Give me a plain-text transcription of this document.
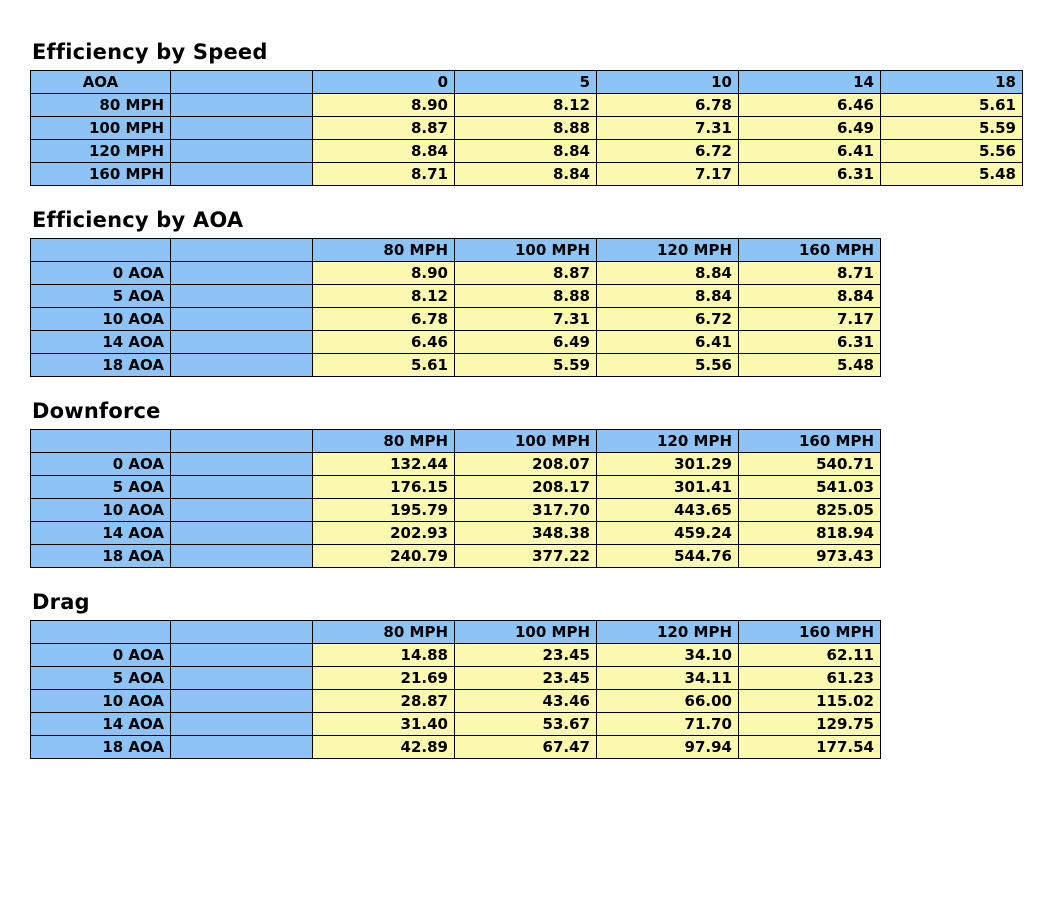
Efficiency by Speed
AOA		0	5	10	14	18
80 MPH		8.90	8.12	6.78	6.46	5.61
100 MPH		8.87	8.88	7.31	6.49	5.59
120 MPH		8.84	8.84	6.72	6.41	5.56
160 MPH		8.71	8.84	7.17	6.31	5.48
Efficiency by AOA
		80 MPH	100 MPH	120 MPH	160 MPH
0 AOA		8.90	8.87	8.84	8.71
5 AOA		8.12	8.88	8.84	8.84
10 AOA		6.78	7.31	6.72	7.17
14 AOA		6.46	6.49	6.41	6.31
18 AOA		5.61	5.59	5.56	5.48
Downforce
		80 MPH	100 MPH	120 MPH	160 MPH
0 AOA		132.44	208.07	301.29	540.71
5 AOA		176.15	208.17	301.41	541.03
10 AOA		195.79	317.70	443.65	825.05
14 AOA		202.93	348.38	459.24	818.94
18 AOA		240.79	377.22	544.76	973.43
Drag
		80 MPH	100 MPH	120 MPH	160 MPH
0 AOA		14.88	23.45	34.10	62.11
5 AOA		21.69	23.45	34.11	61.23
10 AOA		28.87	43.46	66.00	115.02
14 AOA		31.40	53.67	71.70	129.75
18 AOA		42.89	67.47	97.94	177.54
